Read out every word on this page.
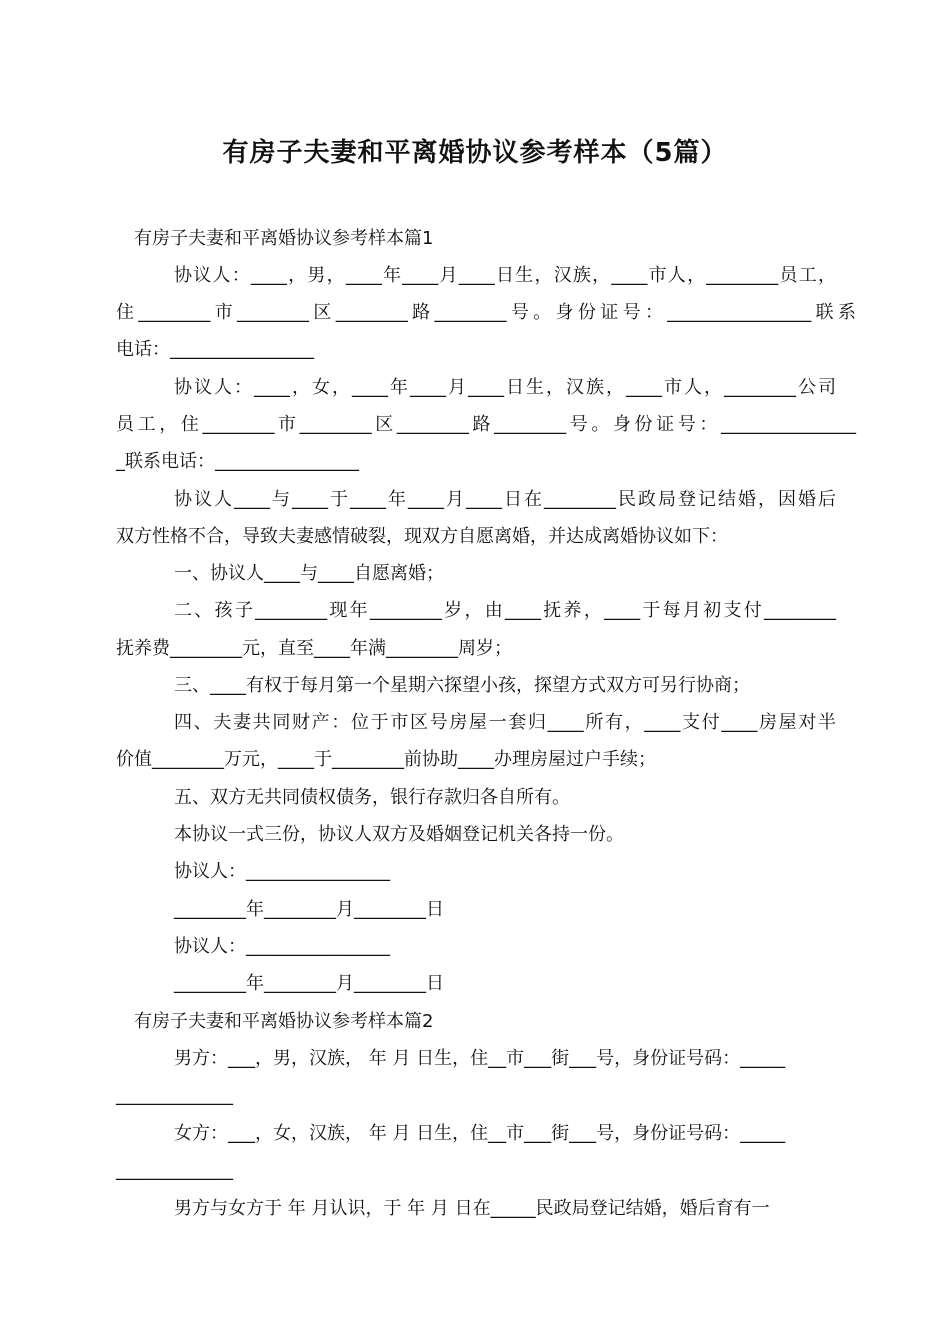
有房子夫妻和平离婚协议参考样本（5篇）

有房子夫妻和平离婚协议参考样本篇1

协议人：____，男，____年____月____日生，汉族，____市人，________员工，

住________市________区________路________号。身份证号：________________联系

电话：________________

协议人：____，女，____年____月____日生，汉族，____市人，________公司

员工，住________市________区________路________号。身份证号：_______________

_联系电话：________________

协议人____与____于____年____月____日在________民政局登记结婚，因婚后

双方性格不合，导致夫妻感情破裂，现双方自愿离婚，并达成离婚协议如下：

一、协议人____与____自愿离婚；

二、孩子________现年________岁，由____抚养，____于每月初支付________

抚养费________元，直至____年满________周岁；

三、____有权于每月第一个星期六探望小孩，探望方式双方可另行协商；

四、夫妻共同财产：位于市区号房屋一套归____所有，____支付____房屋对半

价值________万元，____于________前协助____办理房屋过户手续；

五、双方无共同债权债务，银行存款归各自所有。

本协议一式三份，协议人双方及婚姻登记机关各持一份。

协议人：________________

________年________月________日

协议人：________________

________年________月________日

有房子夫妻和平离婚协议参考样本篇2

男方：___，男，汉族， 年 月 日生，住__市___街___号，身份证号码：_____

_____________

女方：___，女，汉族， 年 月 日生，住__市___街___号，身份证号码：_____

_____________

男方与女方于 年 月认识，于 年 月 日在_____民政局登记结婚，婚后育有一
